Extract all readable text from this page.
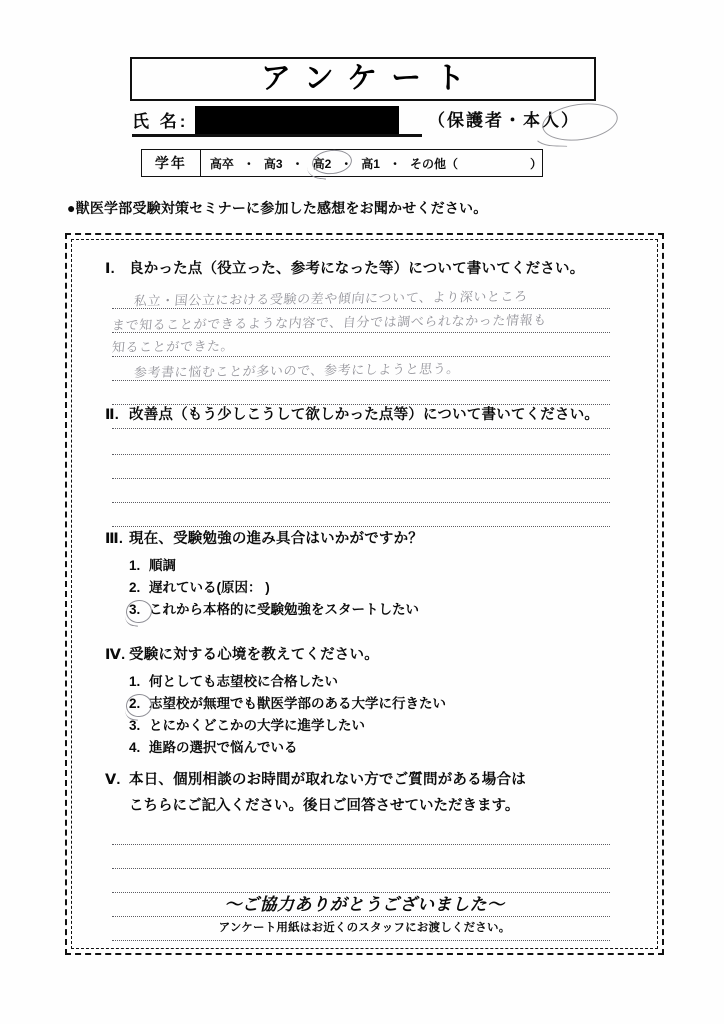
アンケート
氏 名:	（保護者・本人）
学年	高卒 ・ 高3 ・ 高2 ・ 高1 ・ その他（	）
●獣医学部受験対策セミナーに参加した感想をお聞かせください。
Ⅰ. 良かった点（役立った、参考になった等）について書いてください。
私立・国公立における受験の差や傾向について、より深いところ
まで知ることができるような内容で、自分では調べられなかった情報も
知ることができた。
参考書に悩むことが多いので、参考にしようと思う。
Ⅱ. 改善点（もう少しこうして欲しかった点等）について書いてください。
Ⅲ. 現在、受験勉強の進み具合はいかがですか？
1. 順調
2. 遅れている(原因： )
3. これから本格的に受験勉強をスタートしたい
Ⅳ. 受験に対する心境を教えてください。
1. 何としても志望校に合格したい
2. 志望校が無理でも獣医学部のある大学に行きたい
3. とにかくどこかの大学に進学したい
4. 進路の選択で悩んでいる
Ⅴ. 本日、個別相談のお時間が取れない方でご質問がある場合は
こちらにご記入ください。後日ご回答させていただきます。
～ご協力ありがとうございました～
アンケート用紙はお近くのスタッフにお渡しください。
